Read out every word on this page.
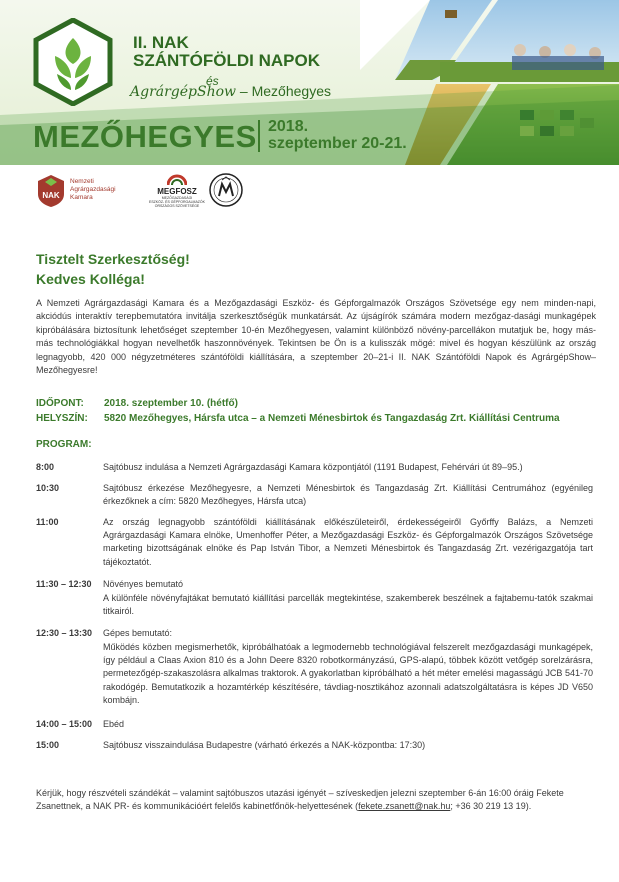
II. NAK
SZÁNTÓFÖLDI NAPOK
és
AgrárgépShow – Mezőhegyes
MEZŐHEGYES 2018.
szeptember 20-21.
NAK
Nemzeti
Agrárgazdasági
Kamara
MEGFOSZ
MEZŐGAZDASÁGI
ESZKÖZ- ÉS GÉPFORGALMAZÓK
ORSZÁGOS SZÖVETSÉGE
Tisztelt Szerkesztőség!
Kedves Kolléga!
A Nemzeti Agrárgazdasági Kamara és a Mezőgazdasági Eszköz- és Gépforgalmazók Országos Szövetsége egy nem minden-napi, akciódús interaktív terepbemutatóra invitálja szerkesztőségük munkatársát. Az újságírók számára modern mezőgaz-dasági munkagépek kipróbálására biztosítunk lehetőséget szeptember 10-én Mezőhegyesen, valamint különböző növény-parcellákon mutatjuk be, hogy más-más technológiákkal hogyan nevelhetők haszonnövények. Tekintsen be Ön is a kulisszák mögé: mivel és hogyan készülünk az ország legnagyobb, 420 000 négyzetméteres szántóföldi kiállítására, a szeptember 20–21-i II. NAK Szántóföldi Napok és AgrárgépShow–Mezőhegyesre!
IDŐPONT: 2018. szeptember 10. (hétfő)
HELYSZÍN: 5820 Mezőhegyes, Hársfa utca – a Nemzeti Ménesbirtok és Tangazdaság Zrt. Kiállítási Centruma
PROGRAM:
8:00	Sajtóbusz indulása a Nemzeti Agrárgazdasági Kamara központjától (1191 Budapest, Fehérvári út 89–95.)
10:30	Sajtóbusz érkezése Mezőhegyesre, a Nemzeti Ménesbirtok és Tangazdaság Zrt. Kiállítási Centrumához (egyénileg érkezőknek a cím: 5820 Mezőhegyes, Hársfa utca)
11:00	Az ország legnagyobb szántóföldi kiállításának előkészületeiről, érdekességeiről Győrffy Balázs, a Nemzeti Agrárgazdasági Kamara elnöke, Umenhoffer Péter, a Mezőgazdasági Eszköz- és Gépforgalmazók Országos Szövetsége marketing bizottságának elnöke és Pap István Tibor, a Nemzeti Ménesbirtok és Tangazdaság Zrt. vezérigazgatója tart tájékoztatót.
11:30 – 12:30 Növényes bemutató
A különféle növényfajtákat bemutató kiállítási parcellák megtekintése, szakemberek beszélnek a fajtabemu-tatók szakmai titkairól.
12:30 – 13:30 Gépes bemutató:
Működés közben megismerhetők, kipróbálhatóak a legmodernebb technológiával felszerelt mezőgazdasági munkagépek, így például a Claas Axion 810 és a John Deere 8320 robotkormányzású, GPS-alapú, többek között vetőgép sorelzárásra, permetezőgép-szakaszolásra alkalmas traktorok. A gyakorlatban kipróbálható a hét méter emelési magasságú JCB 541-70 rakodógép. Bemutatkozik a hozamtérkép készítésére, távdiag-nosztikához azonnali adatszolgáltatásra is képes JD V650 kombájn.
14:00 – 15:00 Ebéd
15:00	Sajtóbusz visszaindulása Budapestre (várható érkezés a NAK-központba: 17:30)
Kérjük, hogy részvételi szándékát – valamint sajtóbuszos utazási igényét – szíveskedjen jelezni szeptember 6-án 16:00 óráig Fekete Zsanettnek, a NAK PR- és kommunikációért felelős kabinetfőnök-helyettesének (fekete.zsanett@nak.hu; +36 30 219 13 19).
